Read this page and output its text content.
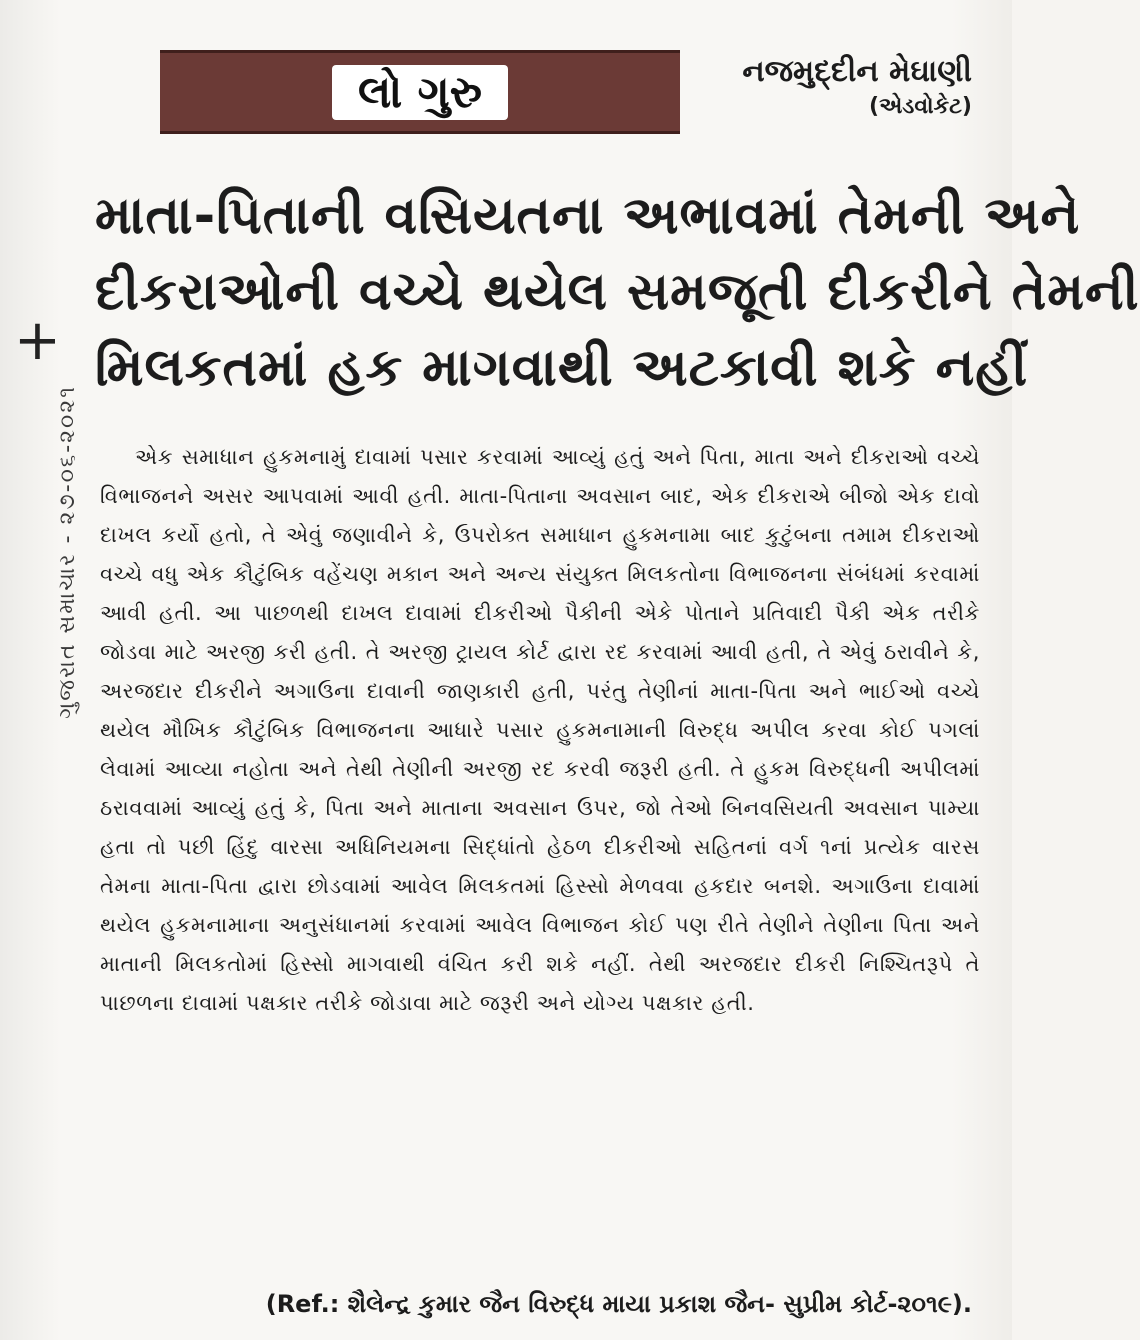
લો ગુરુ	નજમુદ્દીન મેઘાણી
(એડવોકેટ)
માતા-પિતાની વસિયતના અભાવમાં તેમની અને
દીકરાઓની વચ્ચે થયેલ સમજૂતી દીકરીને તેમની
મિલકતમાં હક માગવાથી અટકાવી શકે નહીં
+
ગુજરાત સમાચાર - ૨૭-૦૬-૨૦૨૧	એક સમાધાન હુકમનામું દાવામાં પસાર કરવામાં આવ્યું હતું અને પિતા, માતા અને દીકરાઓ વચ્ચે વિભાજનને અસર આપવામાં આવી હતી. માતા-પિતાના અવસાન બાદ, એક દીકરાએ બીજો એક દાવો દાખલ કર્યો હતો, તે એવું જણાવીને કે, ઉપરોક્ત સમાધાન હુકમનામા બાદ કુટુંબના તમામ દીકરાઓ વચ્ચે વધુ એક કૌટુંબિક વહેંચણ મકાન અને અન્ય સંયુક્ત મિલકતોના વિભાજનના સંબંધમાં કરવામાં આવી હતી. આ પાછળથી દાખલ દાવામાં દીકરીઓ પૈકીની એકે પોતાને પ્રતિવાદી પૈકી એક તરીકે જોડવા માટે અરજી કરી હતી. તે અરજી ટ્રાયલ કોર્ટ દ્વારા રદ કરવામાં આવી હતી, તે એવું ઠરાવીને કે, અરજદાર દીકરીને અગાઉના દાવાની જાણકારી હતી, પરંતુ તેણીનાં માતા-પિતા અને ભાઈઓ વચ્ચે થયેલ મૌખિક કૌટુંબિક વિભાજનના આધારે પસાર હુકમનામાની વિરુદ્ધ અપીલ કરવા કોઈ પગલાં લેવામાં આવ્યા નહોતા અને તેથી તેણીની અરજી રદ કરવી જરૂરી હતી. તે હુકમ વિરુદ્ધની અપીલમાં ઠરાવવામાં આવ્યું હતું કે, પિતા અને માતાના અવસાન ઉપર, જો તેઓ બિનવસિયતી અવસાન પામ્યા હતા તો પછી હિંદુ વારસા અધિનિયમના સિદ્ધાંતો હેઠળ દીકરીઓ સહિતનાં વર્ગ ૧નાં પ્રત્યેક વારસ તેમના માતા-પિતા દ્વારા છોડવામાં આવેલ મિલકતમાં હિસ્સો મેળવવા હકદાર બનશે. અગાઉના દાવામાં થયેલ હુકમનામાના અનુસંધાનમાં કરવામાં આવેલ વિભાજન કોઈ પણ રીતે તેણીને તેણીના પિતા અને માતાની મિલકતોમાં હિસ્સો માગવાથી વંચિત કરી શકે નહીં. તેથી અરજદાર દીકરી નિશ્ચિતરૂપે તે પાછળના દાવામાં પક્ષકાર તરીકે જોડાવા માટે જરૂરી અને યોગ્ય પક્ષકાર હતી.

(Ref.: શૈલેન્દ્ર કુમાર જૈન વિરુદ્ધ માયા પ્રકાશ જૈન- સુપ્રીમ કોર્ટ-૨૦૧૯).
